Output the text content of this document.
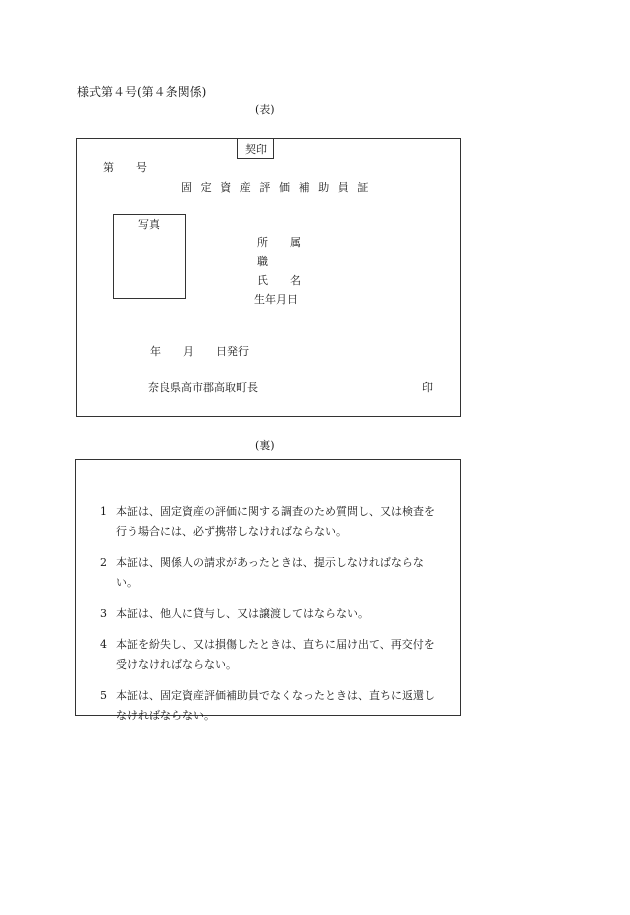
様式第４号(第４条関係)
(表)
契印
第　　号
固定資産評価補助員証
写真
所　　属
職
氏　　名
生年月日
年　　月　　日発行
奈良県高市郡高取町長	印
(裏)
1 本証は、固定資産の評価に関する調査のため質問し、又は検査を行う場合には、必ず携帯しなければならない。
2 本証は、関係人の請求があったときは、提示しなければならない。
3 本証は、他人に貸与し、又は譲渡してはならない。
4 本証を紛失し、又は損傷したときは、直ちに届け出て、再交付を受けなければならない。
5 本証は、固定資産評価補助員でなくなったときは、直ちに返還しなければならない。
